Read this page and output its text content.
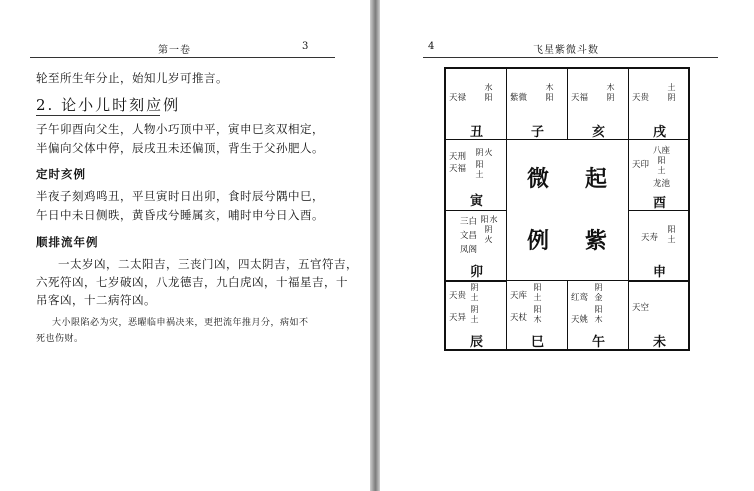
第一卷	3
轮至所生年分止，始知儿岁可推言。
2. 论小儿时刻应例
子午卯酉向父生，人物小巧顶中平，寅申巳亥双相定，
半偏向父体中停，辰戌丑未还偏顶，背生于父孙肥人。
定时亥例
半夜子刻鸡鸣丑，平旦寅时日出卯，食时辰兮隅中巳，
午日中未日侧昳，黄昏戌兮睡属亥，哺时申兮日入酉。
顺排流年例
一太岁凶，二太阳吉，三丧门凶，四太阴吉，五官符吉，
六死符凶，七岁破凶，八龙德吉，九白虎凶，十福星吉，十
吊客凶，十二病符凶。
大小限陷必为灾，恶曜临申祸决来，更把流年推月分，病如不
死也伤财。
4	飞星紫微斗数
天禄
水
阳
丑
紫微
木
阳
子
天福
木
阴
亥
天贵
土
阴
戌
天刑
天福
阴 火
阳
土
寅
八座
天印 阳
土
龙池
酉
三白 阳 水
文昌
阴
火
凤阁
卯
天寿
阳
土
申
天贵
阴
土
天异
阴
土
辰
天库
阳
土
天杖
阳
木
巳
红鸾
阴
金
天姚
阳
木
午
天空
未
微 起
例 紫
